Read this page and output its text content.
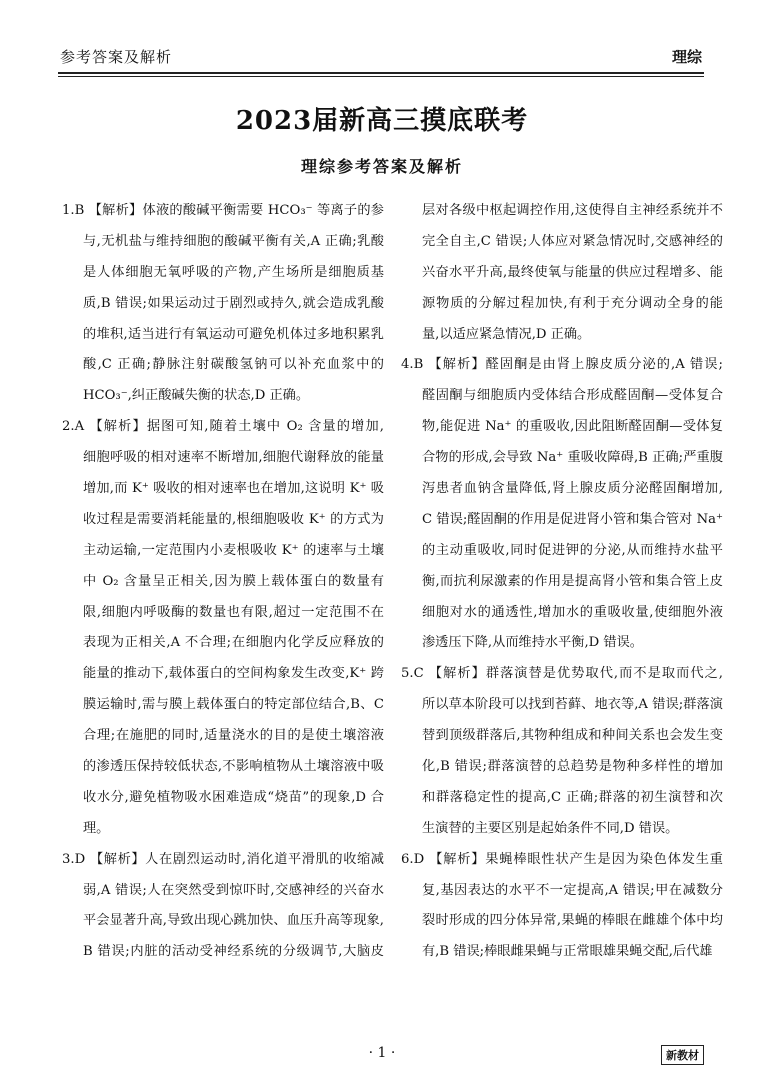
参考答案及解析	理综
2023届新高三摸底联考
理综参考答案及解析
1.B 【解析】体液的酸碱平衡需要 HCO₃⁻ 等离子的参
与,无机盐与维持细胞的酸碱平衡有关,A 正确;乳酸
是人体细胞无氧呼吸的产物,产生场所是细胞质基
质,B 错误;如果运动过于剧烈或持久,就会造成乳酸
的堆积,适当进行有氧运动可避免机体过多地积累乳
酸,C 正确;静脉注射碳酸氢钠可以补充血浆中的
HCO₃⁻,纠正酸碱失衡的状态,D 正确。
2.A 【解析】据图可知,随着土壤中 O₂ 含量的增加,
细胞呼吸的相对速率不断增加,细胞代谢释放的能量
增加,而 K⁺ 吸收的相对速率也在增加,这说明 K⁺ 吸
收过程是需要消耗能量的,根细胞吸收 K⁺ 的方式为
主动运输,一定范围内小麦根吸收 K⁺ 的速率与土壤
中 O₂ 含量呈正相关,因为膜上载体蛋白的数量有
限,细胞内呼吸酶的数量也有限,超过一定范围不在
表现为正相关,A 不合理;在细胞内化学反应释放的
能量的推动下,载体蛋白的空间构象发生改变,K⁺ 跨
膜运输时,需与膜上载体蛋白的特定部位结合,B、C
合理;在施肥的同时,适量浇水的目的是使土壤溶液
的渗透压保持较低状态,不影响植物从土壤溶液中吸
收水分,避免植物吸水困难造成“烧苗”的现象,D 合
理。
3.D 【解析】人在剧烈运动时,消化道平滑肌的收缩减
弱,A 错误;人在突然受到惊吓时,交感神经的兴奋水
平会显著升高,导致出现心跳加快、血压升高等现象,
B 错误;内脏的活动受神经系统的分级调节,大脑皮
层对各级中枢起调控作用,这使得自主神经系统并不
完全自主,C 错误;人体应对紧急情况时,交感神经的
兴奋水平升高,最终使氧与能量的供应过程增多、能
源物质的分解过程加快,有利于充分调动全身的能
量,以适应紧急情况,D 正确。
4.B 【解析】醛固酮是由肾上腺皮质分泌的,A 错误;
醛固酮与细胞质内受体结合形成醛固酮—受体复合
物,能促进 Na⁺ 的重吸收,因此阻断醛固酮—受体复
合物的形成,会导致 Na⁺ 重吸收障碍,B 正确;严重腹
泻患者血钠含量降低,肾上腺皮质分泌醛固酮增加,
C 错误;醛固酮的作用是促进肾小管和集合管对 Na⁺
的主动重吸收,同时促进钾的分泌,从而维持水盐平
衡,而抗利尿激素的作用是提高肾小管和集合管上皮
细胞对水的通透性,增加水的重吸收量,使细胞外液
渗透压下降,从而维持水平衡,D 错误。
5.C 【解析】群落演替是优势取代,而不是取而代之,
所以草本阶段可以找到苔藓、地衣等,A 错误;群落演
替到顶级群落后,其物种组成和种间关系也会发生变
化,B 错误;群落演替的总趋势是物种多样性的增加
和群落稳定性的提高,C 正确;群落的初生演替和次
生演替的主要区别是起始条件不同,D 错误。
6.D 【解析】果蝇棒眼性状产生是因为染色体发生重
复,基因表达的水平不一定提高,A 错误;甲在减数分
裂时形成的四分体异常,果蝇的棒眼在雌雄个体中均
有,B 错误;棒眼雌果蝇与正常眼雄果蝇交配,后代雄
· 1 ·	新教材
